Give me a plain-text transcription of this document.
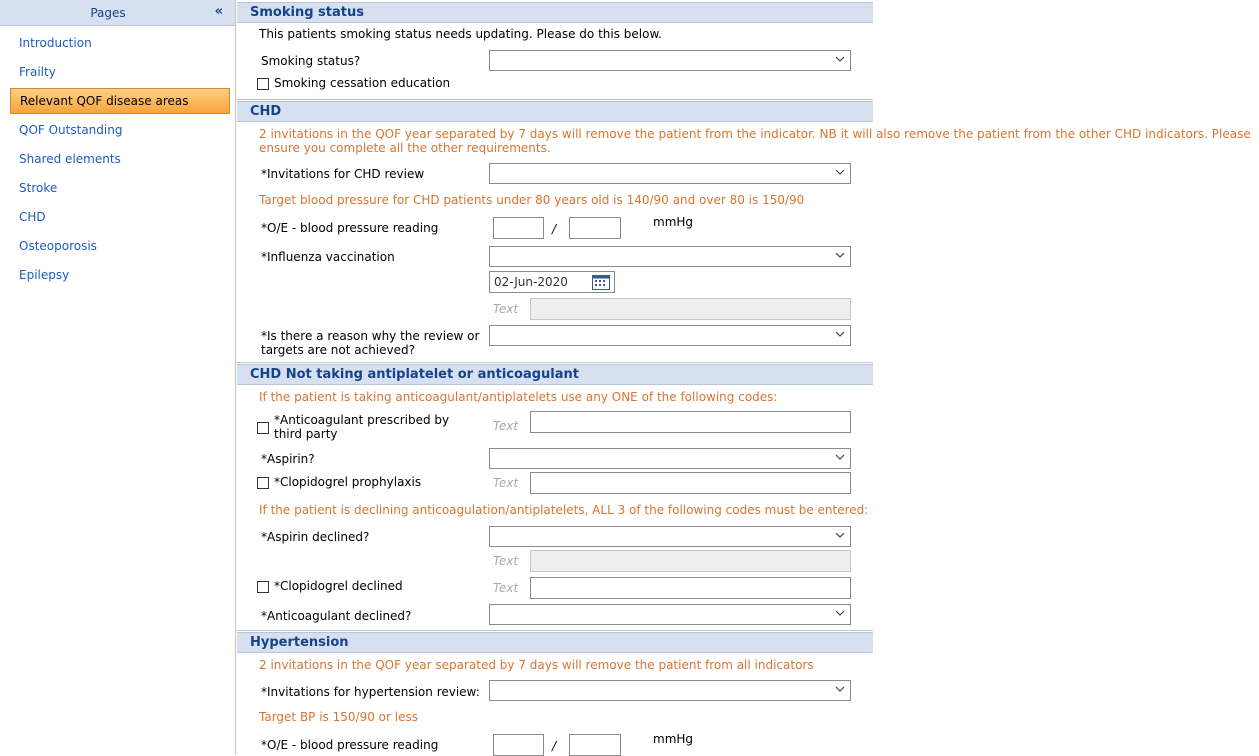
Pages	«
Introduction
Frailty
Relevant QOF disease areas
QOF Outstanding
Shared elements
Stroke
CHD
Osteoporosis
Epilepsy
Smoking status
This patients smoking status needs updating. Please do this below.
Smoking status?
Smoking cessation education
CHD
2 invitations in the QOF year separated by 7 days will remove the patient from the indicator. NB it will also remove the patient from the other CHD indicators. Please ensure you complete all the other requirements.
*Invitations for CHD review
Target blood pressure for CHD patients under 80 years old is 140/90 and over 80 is 150/90
*O/E - blood pressure reading	/	mmHg
*Influenza vaccination
02-Jun-2020
Text
*Is there a reason why the review or targets are not achieved?
CHD Not taking antiplatelet or anticoagulant
If the patient is taking anticoagulant/antiplatelets use any ONE of the following codes:
*Anticoagulant prescribed by third party
Text
*Aspirin?
*Clopidogrel prophylaxis	Text
If the patient is declining anticoagulation/antiplatelets, ALL 3 of the following codes must be entered:
*Aspirin declined?
Text
*Clopidogrel declined	Text
*Anticoagulant declined?
Hypertension
2 invitations in the QOF year separated by 7 days will remove the patient from all indicators
*Invitations for hypertension review:
Target BP is 150/90 or less
*O/E - blood pressure reading	/	mmHg
